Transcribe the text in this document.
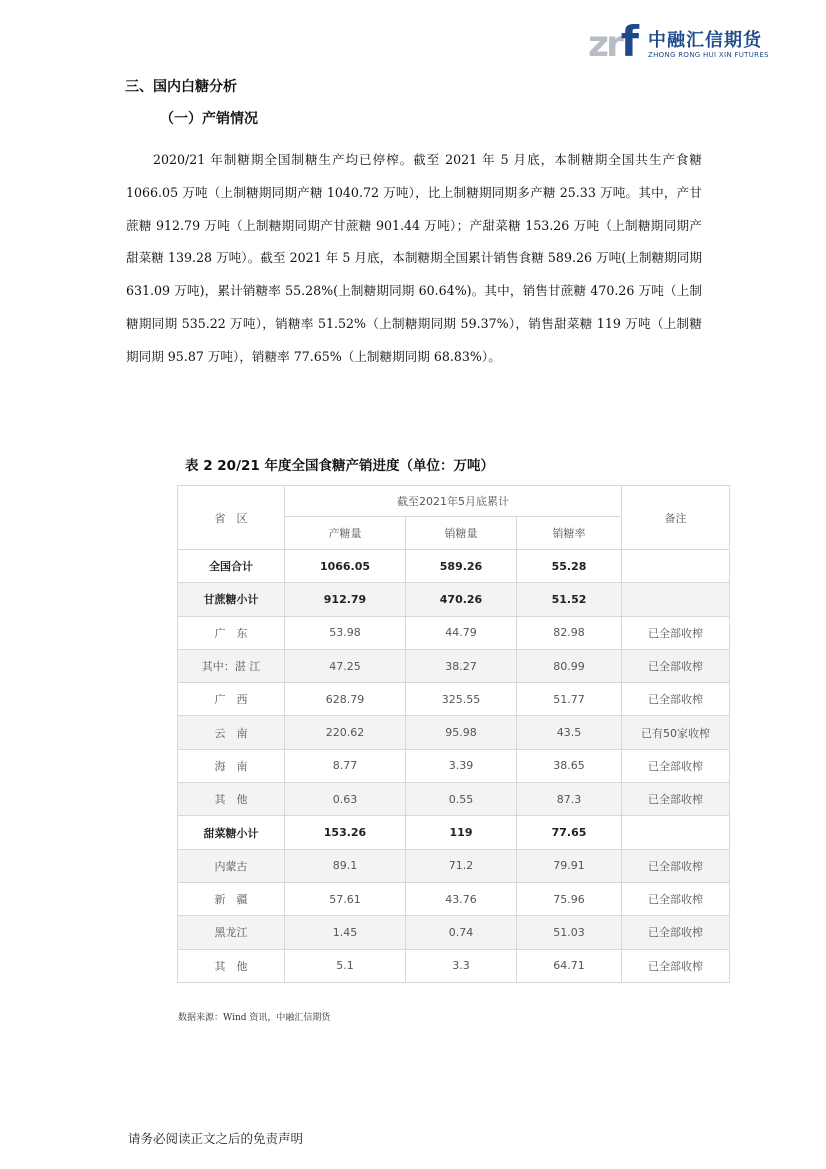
zrf 中融汇信期货
ZHONG RONG HUI XIN FUTURES
三、国内白糖分析
（一）产销情况
2020/21 年制糖期全国制糖生产均已停榨。截至 2021 年 5 月底，本制糖期全国共生产食糖 1066.05 万吨（上制糖期同期产糖 1040.72 万吨），比上制糖期同期多产糖 25.33 万吨。其中，产甘蔗糖 912.79 万吨（上制糖期同期产甘蔗糖 901.44 万吨）；产甜菜糖 153.26 万吨（上制糖期同期产甜菜糖 139.28 万吨）。截至 2021 年 5 月底，本制糖期全国累计销售食糖 589.26 万吨(上制糖期同期 631.09 万吨)，累计销糖率 55.28%(上制糖期同期 60.64%)。其中，销售甘蔗糖 470.26 万吨（上制糖期同期 535.22 万吨），销糖率 51.52%（上制糖期同期 59.37%），销售甜菜糖 119 万吨（上制糖期同期 95.87 万吨），销糖率 77.65%（上制糖期同期 68.83%）。
表 2 20/21 年度全国食糖产销进度（单位：万吨）
省　区	截至2021年5月底累计			备注
	产糖量	销糖量	销糖率	
全国合计	1066.05	589.26	55.28	
甘蔗糖小计	912.79	470.26	51.52	
广　东	53.98	44.79	82.98	已全部收榨
其中：湛 江	47.25	38.27	80.99	已全部收榨
广　西	628.79	325.55	51.77	已全部收榨
云　南	220.62	95.98	43.5	已有50家收榨
海　南	8.77	3.39	38.65	已全部收榨
其　他	0.63	0.55	87.3	已全部收榨
甜菜糖小计	153.26	119	77.65	
内蒙古	89.1	71.2	79.91	已全部收榨
新　疆	57.61	43.76	75.96	已全部收榨
黑龙江	1.45	0.74	51.03	已全部收榨
其　他	5.1	3.3	64.71	已全部收榨
数据来源：Wind 资讯，中融汇信期货
请务必阅读正文之后的免责声明
